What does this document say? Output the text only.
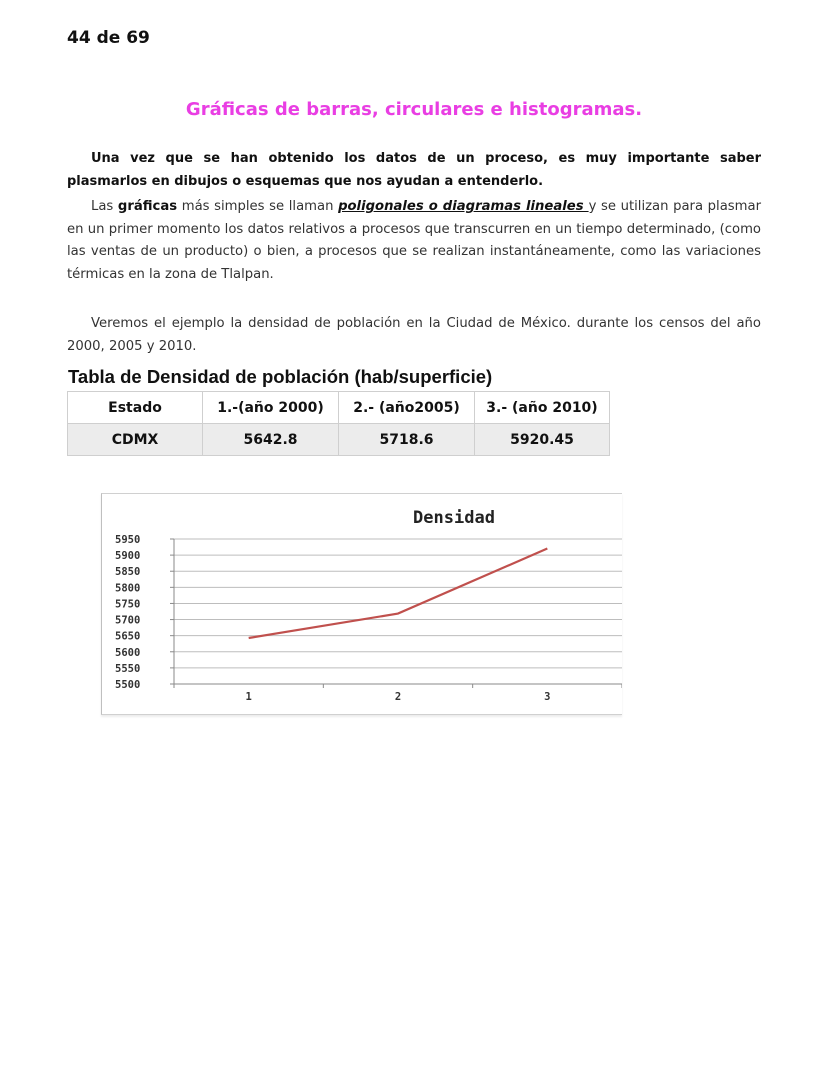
44 de 69
Gráficas de barras, circulares e histogramas.

Una vez que se han obtenido los datos de un proceso, es muy importante saber plasmarlos en dibujos o esquemas que nos ayudan a entenderlo.

Las gráficas más simples se llaman poligonales o diagramas lineales y se utilizan para plasmar en un primer momento los datos relativos a procesos que transcurren en un tiempo determinado, (como las ventas de un producto) o bien, a procesos que se realizan instantáneamente, como las variaciones térmicas en la zona de Tlalpan.

Veremos el ejemplo la densidad de población en la Ciudad de México. durante los censos del año 2000, 2005 y 2010.

Tabla de Densidad de población (hab/superficie)
Estado	1.-(año 2000)	2.- (año2005)	3.- (año 2010)
CDMX	5642.8	5718.6	5920.45
Densidad
5500
5550
5600
5650
5700
5750
5800
5850
5900
5950
1	2	3
